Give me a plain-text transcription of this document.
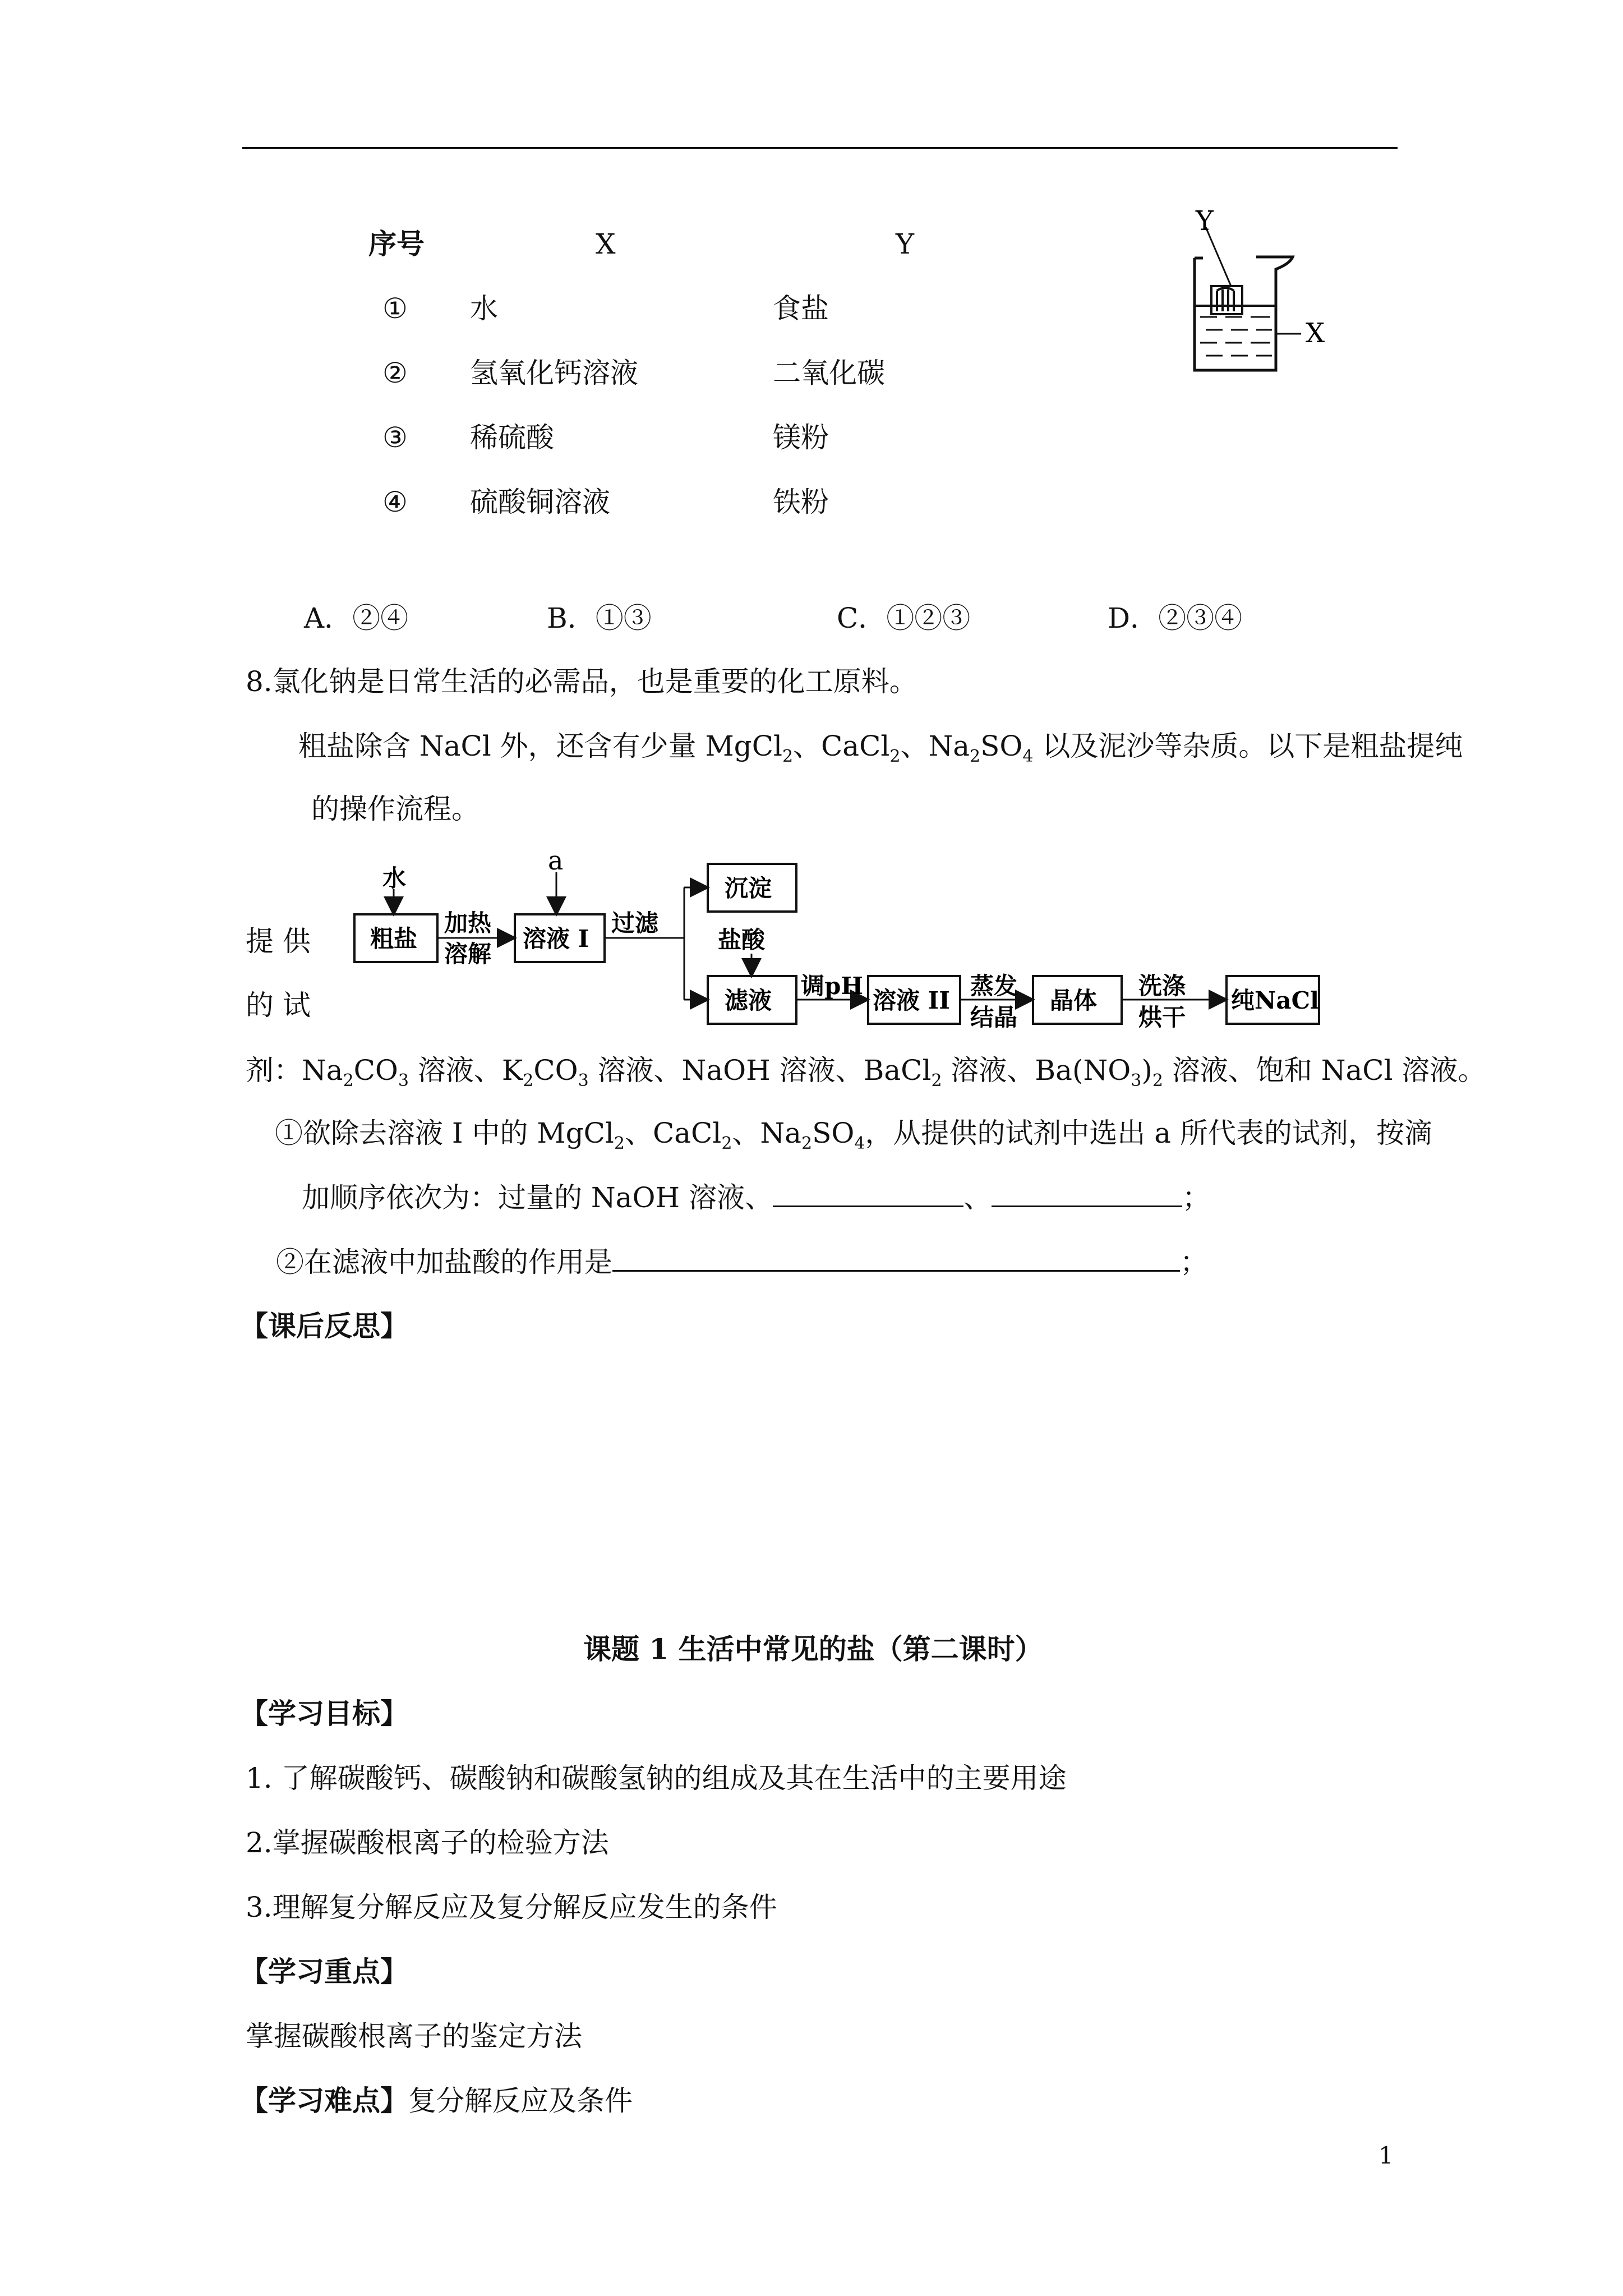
序号	X	Y
① 水	食盐
② 氢氧化钙溶液	二氧化碳
③ 稀硫酸	镁粉
④ 硫酸铜溶液	铁粉
Y
X
A．②④	B．①③	C．①②③	D．②③④
8.氯化钠是日常生活的必需品，也是重要的化工原料。
粗盐除含 NaCl 外，还含有少量 MgCl$_2$、CaCl$_2$、$Na_2SO_4$ 以及泥沙等杂质。以下是粗盐提纯
的操作流程。
水
a
粗盐
加热
溶解
溶液 I
过滤
沉淀
盐酸
滤液
调pH
溶液 II
蒸发
结晶
晶体
洗涤
烘干
纯NaCl
提 供
的 试
剂：$Na_2CO_3$ 溶液、$K_2CO_3$ 溶液、NaOH 溶液、BaCl$_2$ 溶液、$Ba(NO_3)_2$ 溶液、饱和 NaCl 溶液。
①欲除去溶液 I 中的 MgCl$_2$、CaCl$_2$、$Na_2SO_4$，从提供的试剂中选出 a 所代表的试剂，按滴
加顺序依次为：过量的 NaOH 溶液、	、	；
②在滤液中加盐酸的作用是	；
【课后反思】
课题 1 生活中常见的盐（第二课时）
【学习目标】
1. 了解碳酸钙、碳酸钠和碳酸氢钠的组成及其在生活中的主要用途
2.掌握碳酸根离子的检验方法
3.理解复分解反应及复分解反应发生的条件
【学习重点】
掌握碳酸根离子的鉴定方法
【学习难点】复分解反应及条件
1
